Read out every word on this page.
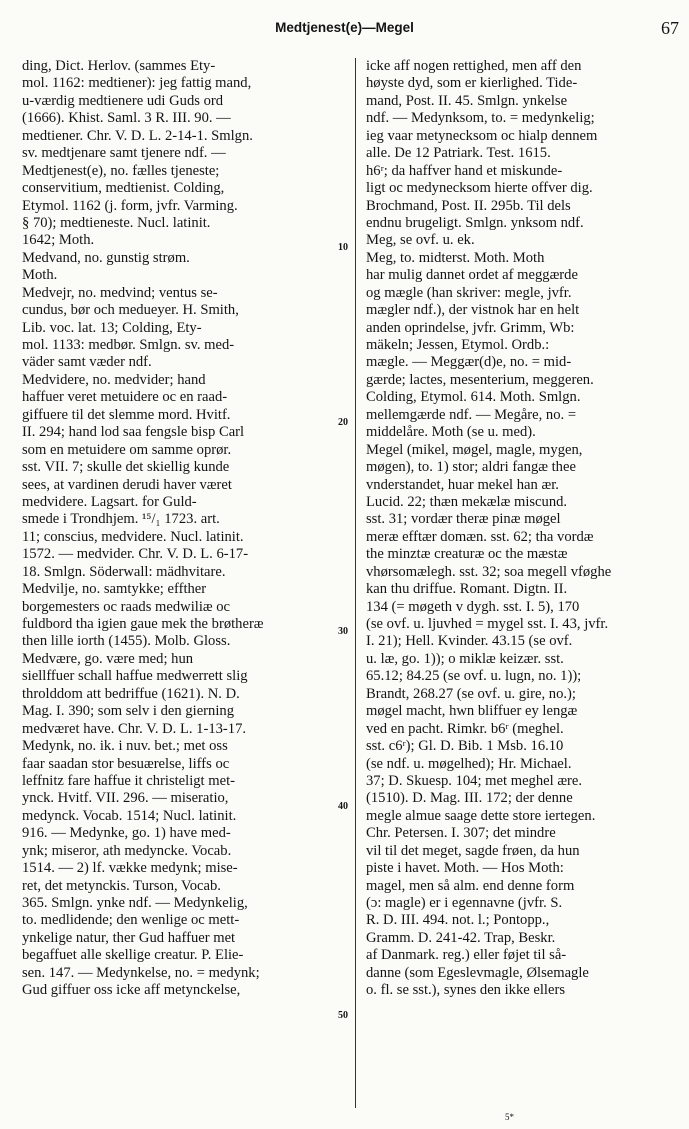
Medtjenest(e)—Megel	67
ding, Dict. Herlov. (sammes Ety-
mol. 1162: medtiener): jeg fattig mand,
u-værdig medtienere udi Guds ord
(1666). Khist. Saml. 3 R. III. 90. —
medtiener. Chr. V. D. L. 2-14-1. Smlgn.
sv. medtjenare samt tjenere ndf. —
Medtjenest(e), no. fælles tjeneste;
conservitium, medtienist. Colding,
Etymol. 1162 (j. form, jvfr. Varming.
§ 70); medtieneste. Nucl. latinit.
1642; Moth.
Medvand, no. gunstig strøm.
Moth.
Medvejr, no. medvind; ventus se-
cundus, bør och medueyer. H. Smith,
Lib. voc. lat. 13; Colding, Ety-
mol. 1133: medbør. Smlgn. sv. med-
väder samt væder ndf.
Medvidere, no. medvider; hand
haffuer veret metuidere oc en raad-
giffuere til det slemme mord. Hvitf.
II. 294; hand lod saa fengsle bisp Carl
som en metuidere om samme oprør.
sst. VII. 7; skulle det skiellig kunde
sees, at vardinen derudi haver været
medvidere. Lagsart. for Guld-
smede i Trondhjem. ¹⁵/₁ 1723. art.
11; conscius, medvidere. Nucl. latinit.
1572. — medvider. Chr. V. D. L. 6-17-
18. Smlgn. Söderwall: mädhvitare.
Medvilje, no. samtykke; effther
borgemesters oc raads medwiliæ oc
fuldbord tha igien gaue mek the brøtheræ
then lille iorth (1455). Molb. Gloss.
Medvære, go. være med; hun
siellffuer schall haffue medwerrett slig
throlddom att bedriffue (1621). N. D.
Mag. I. 390; som selv i den gierning
medværet have. Chr. V. D. L. 1-13-17.
Medynk, no. ik. i nuv. bet.; met oss
faar saadan stor besuærelse, liffs oc
leffnitz fare haffue it christeligt met-
ynck. Hvitf. VII. 296. — miseratio,
medynck. Vocab. 1514; Nucl. latinit.
916. — Medynke, go. 1) have med-
ynk; miseror, ath medyncke. Vocab.
1514. — 2) lf. vække medynk; mise-
ret, det metynckis. Turson, Vocab.
365. Smlgn. ynke ndf. — Medynkelig,
to. medlidende; den wenlige oc mett-
ynkelige natur, ther Gud haffuer met
begaffuet alle skellige creatur. P. Elie-
sen. 147. — Medynkelse, no. = medynk;
Gud giffuer oss icke aff metynckelse,
icke aff nogen rettighed, men aff den
høyste dyd, som er kierlighed. Tide-
mand, Post. II. 45. Smlgn. ynkelse
ndf. — Medynksom, to. = medynkelig;
ieg vaar metynecksom oc hialp dennem
alle. De 12 Patriark. Test. 1615.
h6ʳ; da haffver hand et miskunde-
ligt oc medynecksom hierte offver dig.
Brochmand, Post. II. 295b. Til dels
endnu brugeligt. Smlgn. ynksom ndf.
Meg, se ovf. u. ek.
Meg, to. midterst. Moth. Moth
har mulig dannet ordet af meggærde
og mægle (han skriver: megle, jvfr.
mægler ndf.), der vistnok har en helt
anden oprindelse, jvfr. Grimm, Wb:
mäkeln; Jessen, Etymol. Ordb.:
mægle. — Meggær(d)e, no. = mid-
gærde; lactes, mesenterium, meggeren.
Colding, Etymol. 614. Moth. Smlgn.
mellemgærde ndf. — Megåre, no. =
middelåre. Moth (se u. med).
Megel (mikel, møgel, magle, mygen,
møgen), to. 1) stor; aldri fangæ thee
vnderstandet, huar mekel han ær.
Lucid. 22; thæn mekælæ miscund.
sst. 31; vordær theræ pinæ møgel
meræ efftær domæn. sst. 62; tha vordæ
the minztæ creaturæ oc the mæstæ
vhørsomælegh. sst. 32; soa megell vføghe
kan thu driffue. Romant. Digtn. II.
134 (= møgeth v dygh. sst. I. 5), 170
(se ovf. u. ljuvhed = mygel sst. I. 43, jvfr.
I. 21); Hell. Kvinder. 43.15 (se ovf.
u. læ, go. 1)); o miklæ keizær. sst.
65.12; 84.25 (se ovf. u. lugn, no. 1));
Brandt, 268.27 (se ovf. u. gire, no.);
møgel macht, hwn bliffuer ey lengæ
ved en pacht. Rimkr. b6ʳ (meghel.
sst. c6ʳ); Gl. D. Bib. 1 Msb. 16.10
(se ndf. u. møgelhed); Hr. Michael.
37; D. Skuesp. 104; met meghel ære.
(1510). D. Mag. III. 172; der denne
megle almue saage dette store iertegen.
Chr. Petersen. I. 307; det mindre
vil til det meget, sagde frøen, da hun
piste i havet. Moth. — Hos Moth:
magel, men så alm. end denne form
(ɔ: magle) er i egennavne (jvfr. S.
R. D. III. 494. not. l.; Pontopp.,
Gramm. D. 241-42. Trap, Beskr.
af Danmark. reg.) eller føjet til så-
danne (som Egeslevmagle, Ølsemagle
o. fl. se sst.), synes den ikke ellers
10
20
30
40
50
5*
